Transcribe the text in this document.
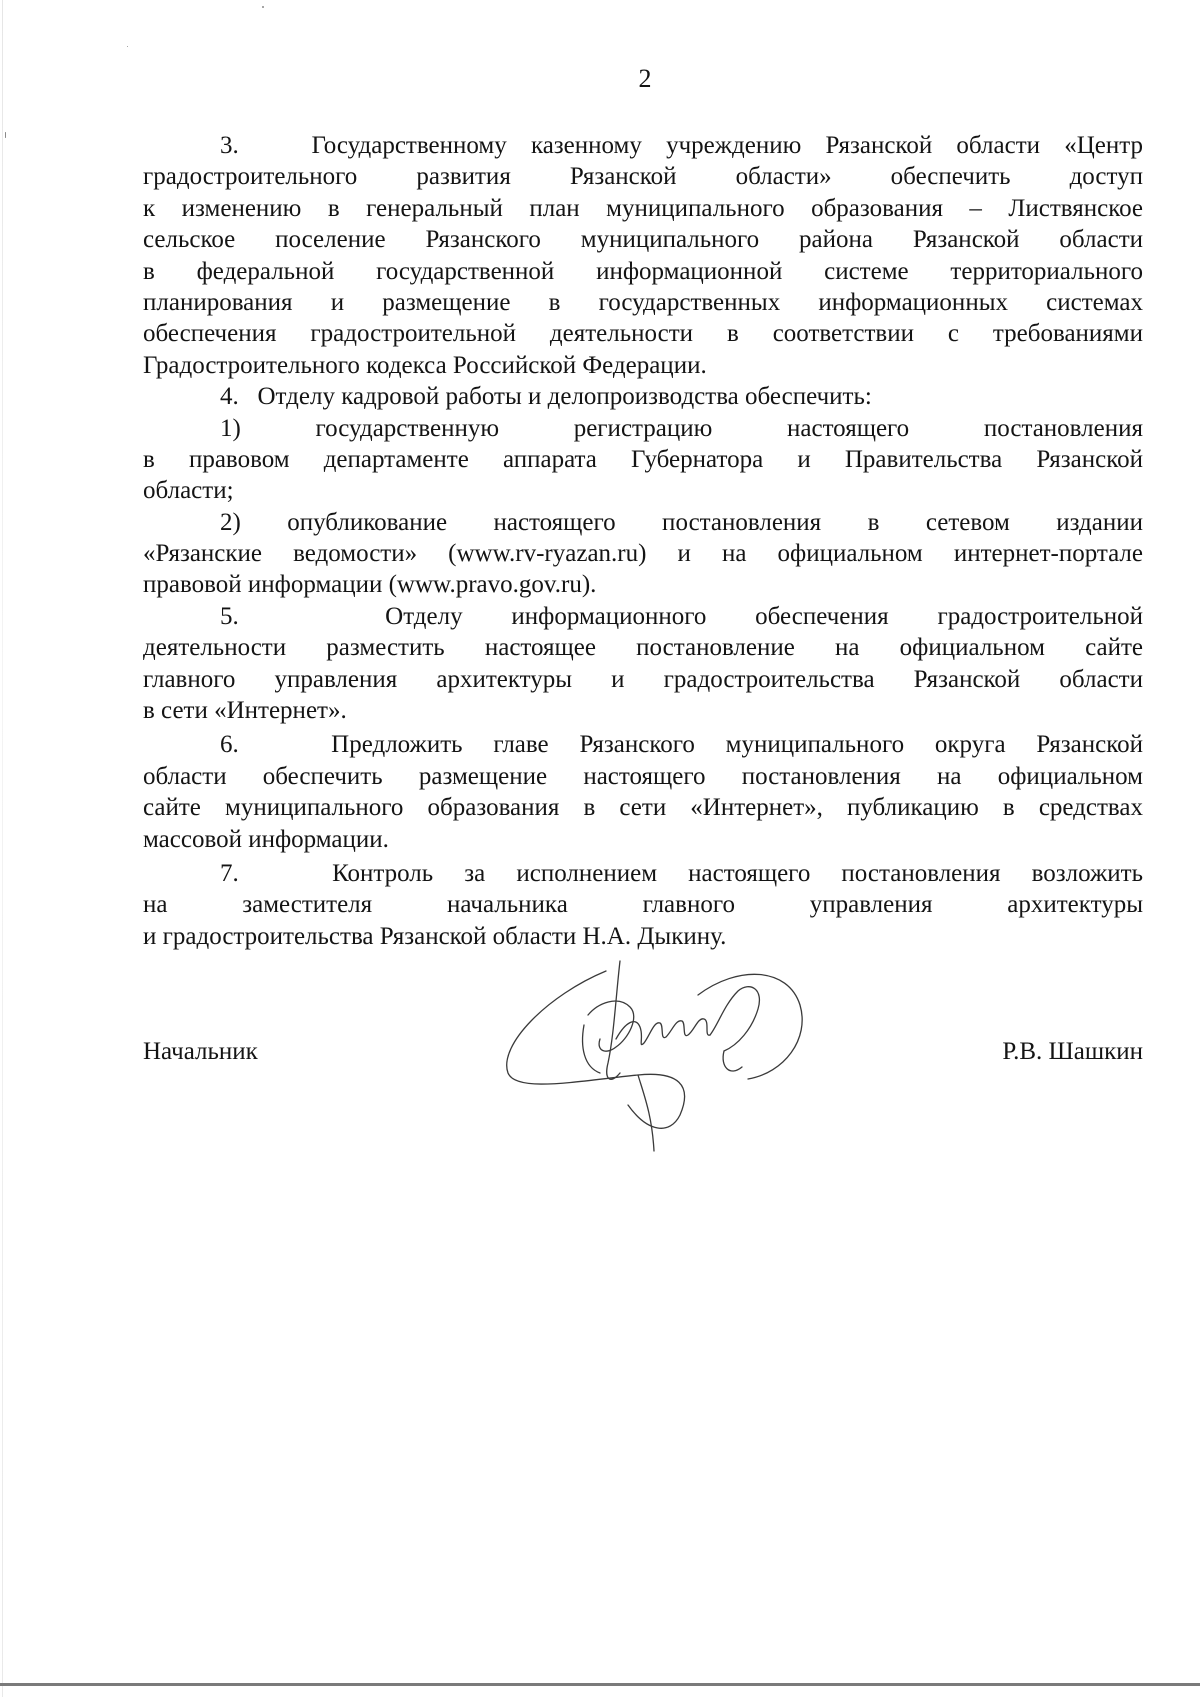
2
3.   Государственному казенному учреждению Рязанской области «Центр
градостроительного развития Рязанской области» обеспечить доступ
к изменению в генеральный план муниципального образования – Листвянское
сельское поселение Рязанского муниципального района Рязанской области
в федеральной государственной информационной системе территориального
планирования и размещение в государственных информационных системах
обеспечения градостроительной деятельности в соответствии с требованиями
Градостроительного кодекса Российской Федерации.
4.   Отделу кадровой работы и делопроизводства обеспечить:
1) государственную регистрацию настоящего постановления
в правовом департаменте аппарата Губернатора и Правительства Рязанской
области;
2) опубликование настоящего постановления в сетевом издании
«Рязанские ведомости» (www.rv-ryazan.ru) и на официальном интернет-портале
правовой информации (www.pravo.gov.ru).
5.   Отделу информационного обеспечения градостроительной
деятельности разместить настоящее постановление на официальном сайте
главного управления архитектуры и градостроительства Рязанской области
в сети «Интернет».
6.   Предложить главе Рязанского муниципального округа Рязанской
области обеспечить размещение настоящего постановления на официальном
сайте муниципального образования в сети «Интернет», публикацию в средствах
массовой информации.
7.   Контроль за исполнением настоящего постановления возложить
на заместителя начальника главного управления архитектуры
и градостроительства Рязанской области Н.А. Дыкину.
Начальник	Р.В. Шашкин
